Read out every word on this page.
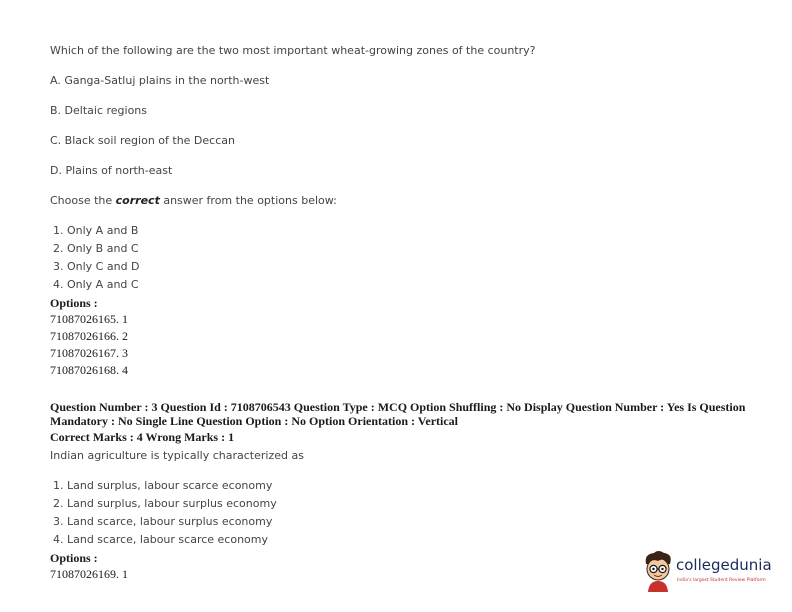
Which of the following are the two most important wheat-growing zones of the country?
A. Ganga-Satluj plains in the north-west
B. Deltaic regions
C. Black soil region of the Deccan
D. Plains of north-east
Choose the correct answer from the options below:
1. Only A and B
2. Only B and C
3. Only C and D
4. Only A and C
Options :
71087026165. 1
71087026166. 2
71087026167. 3
71087026168. 4
Question Number : 3 Question Id : 7108706543 Question Type : MCQ Option Shuffling : No Display Question Number : Yes Is Question
Mandatory : No Single Line Question Option : No Option Orientation : Vertical
Correct Marks : 4 Wrong Marks : 1
Indian agriculture is typically characterized as
1. Land surplus, labour scarce economy
2. Land surplus, labour surplus economy
3. Land scarce, labour surplus economy
4. Land scarce, labour scarce economy
Options :
71087026169. 1	collegedunia
India's largest Student Review Platform
